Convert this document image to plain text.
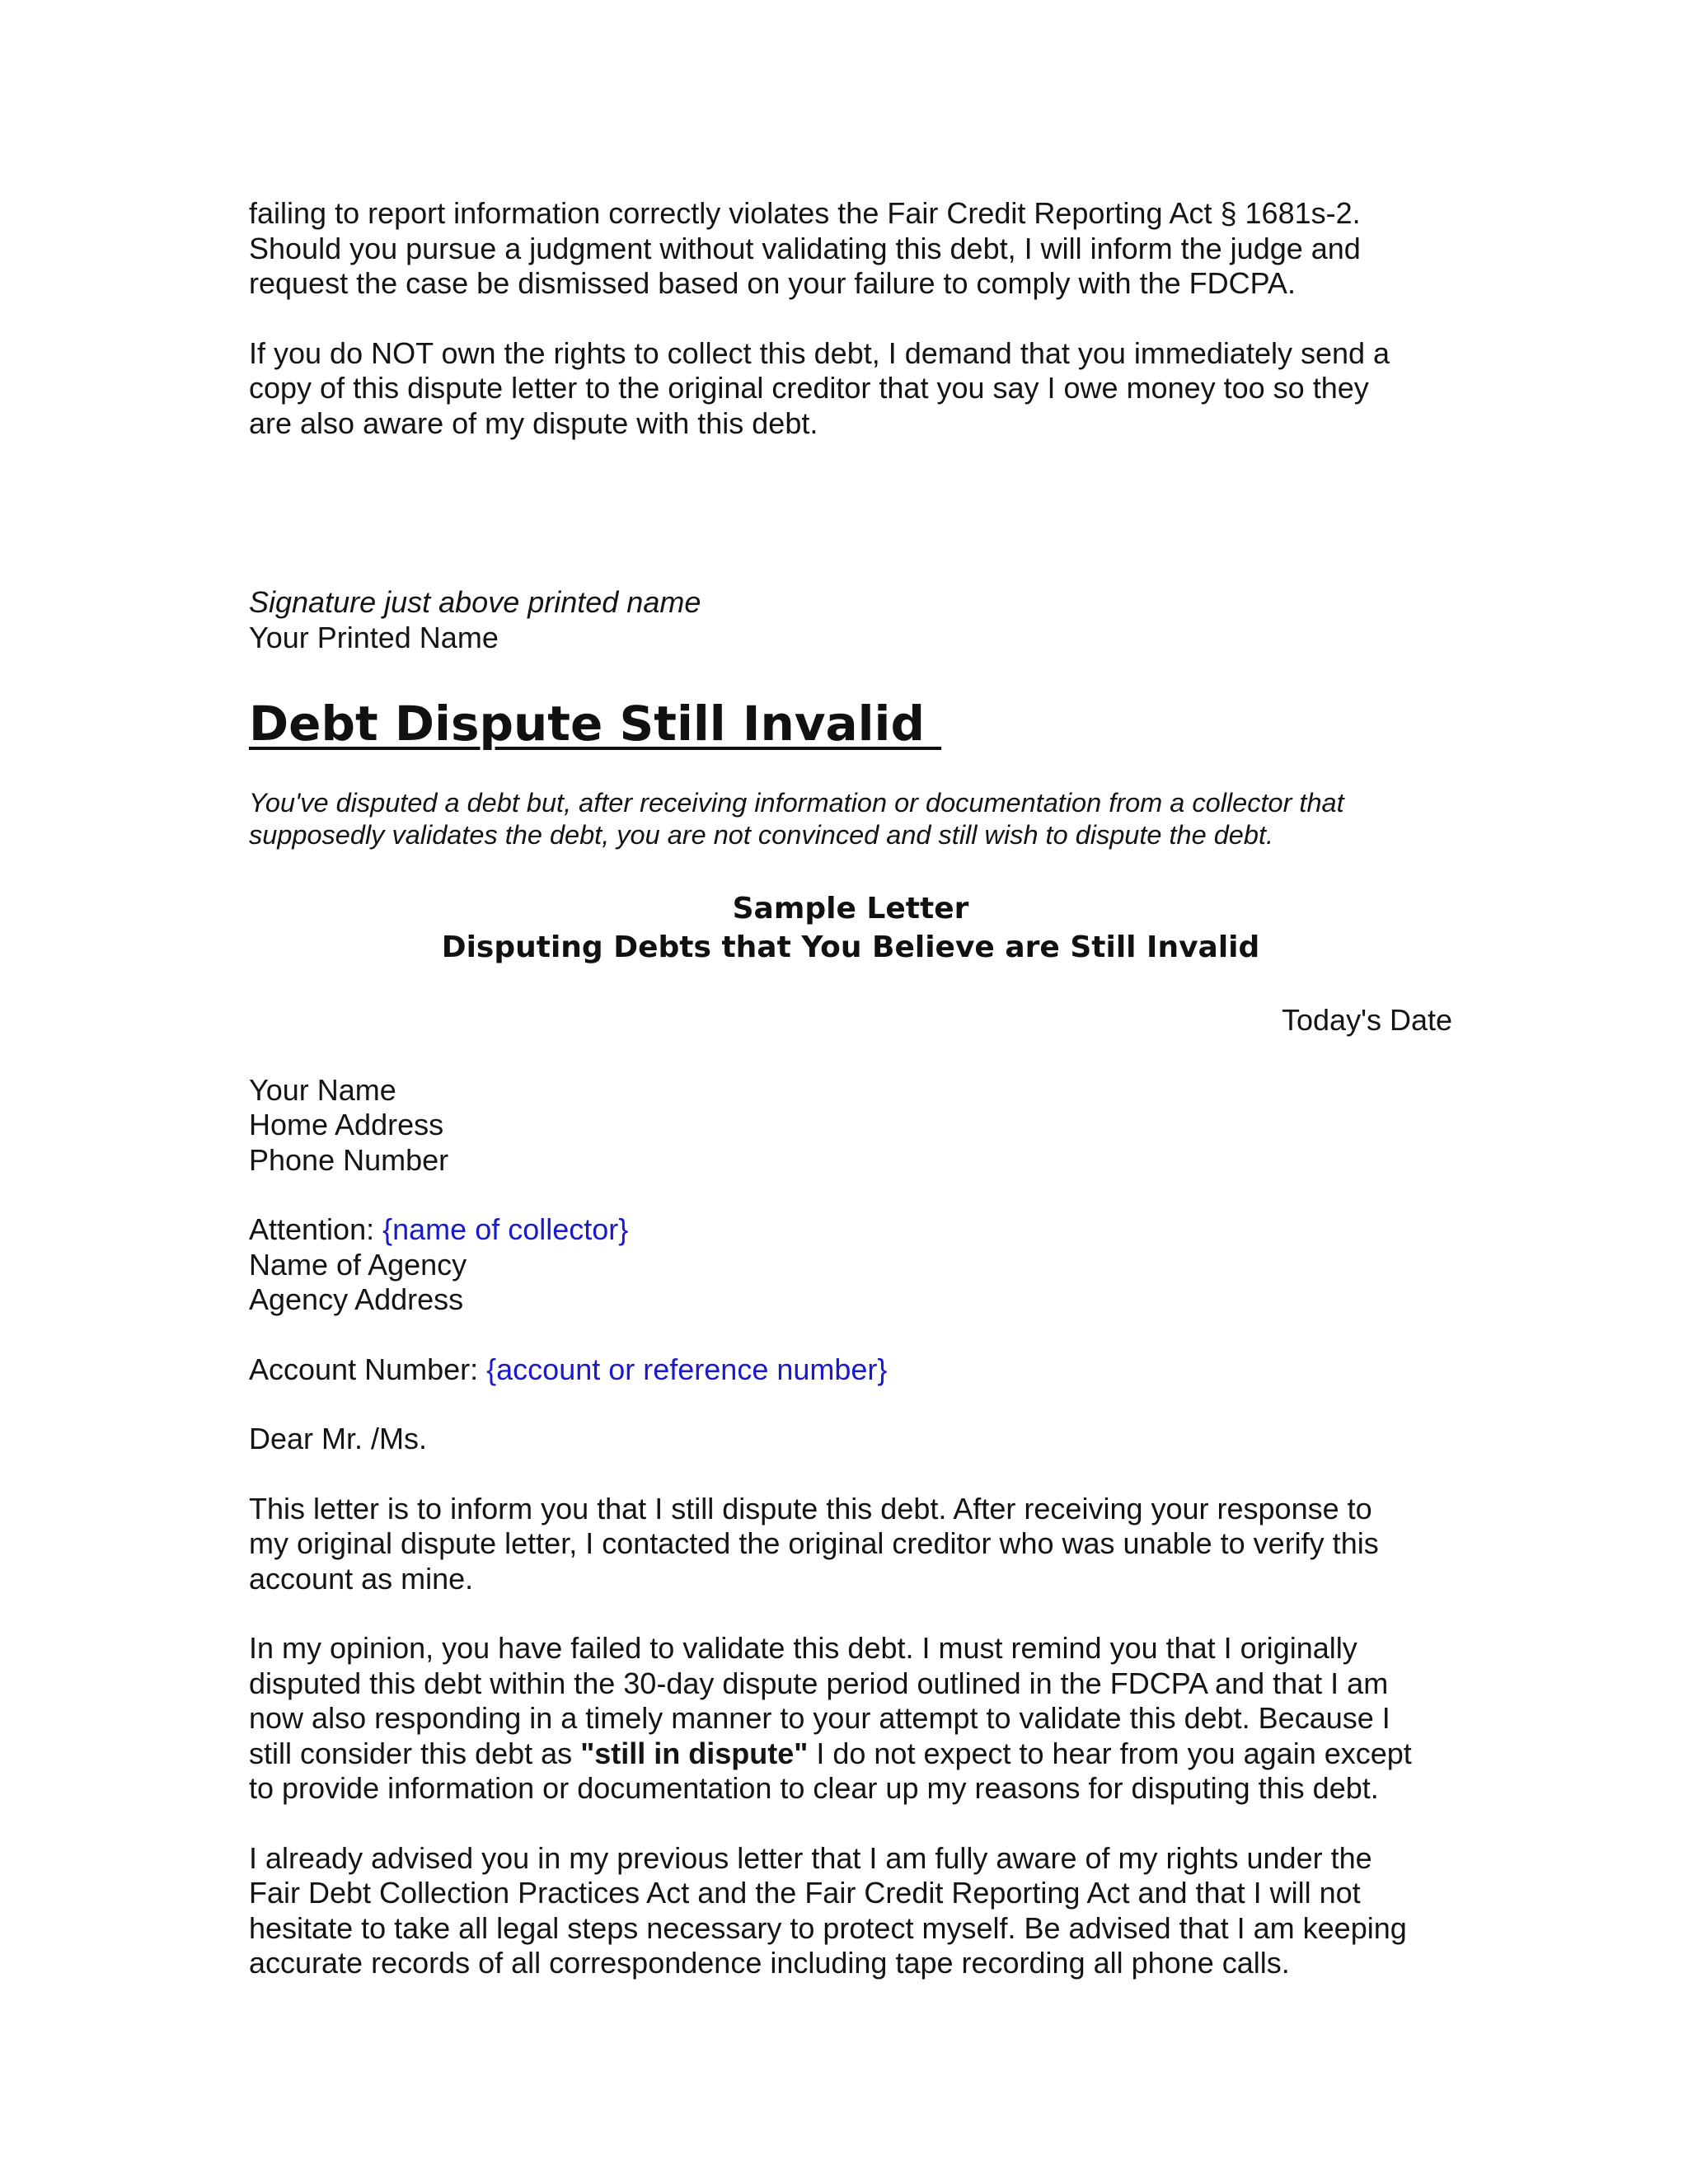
failing to report information correctly violates the Fair Credit Reporting Act § 1681s-2.
Should you pursue a judgment without validating this debt, I will inform the judge and
request the case be dismissed based on your failure to comply with the FDCPA.
If you do NOT own the rights to collect this debt, I demand that you immediately send a
copy of this dispute letter to the original creditor that you say I owe money too so they
are also aware of my dispute with this debt.
Signature just above printed name
Your Printed Name
Debt Dispute Still Invalid
You've disputed a debt but, after receiving information or documentation from a collector that
supposedly validates the debt, you are not convinced and still wish to dispute the debt.
Sample Letter
Disputing Debts that You Believe are Still Invalid
Today's Date
Your Name
Home Address
Phone Number
Attention: {name of collector}
Name of Agency
Agency Address
Account Number: {account or reference number}
Dear Mr. /Ms.
This letter is to inform you that I still dispute this debt. After receiving your response to
my original dispute letter, I contacted the original creditor who was unable to verify this
account as mine.
In my opinion, you have failed to validate this debt. I must remind you that I originally
disputed this debt within the 30-day dispute period outlined in the FDCPA and that I am
now also responding in a timely manner to your attempt to validate this debt. Because I
still consider this debt as "still in dispute" I do not expect to hear from you again except
to provide information or documentation to clear up my reasons for disputing this debt.
I already advised you in my previous letter that I am fully aware of my rights under the
Fair Debt Collection Practices Act and the Fair Credit Reporting Act and that I will not
hesitate to take all legal steps necessary to protect myself. Be advised that I am keeping
accurate records of all correspondence including tape recording all phone calls.
